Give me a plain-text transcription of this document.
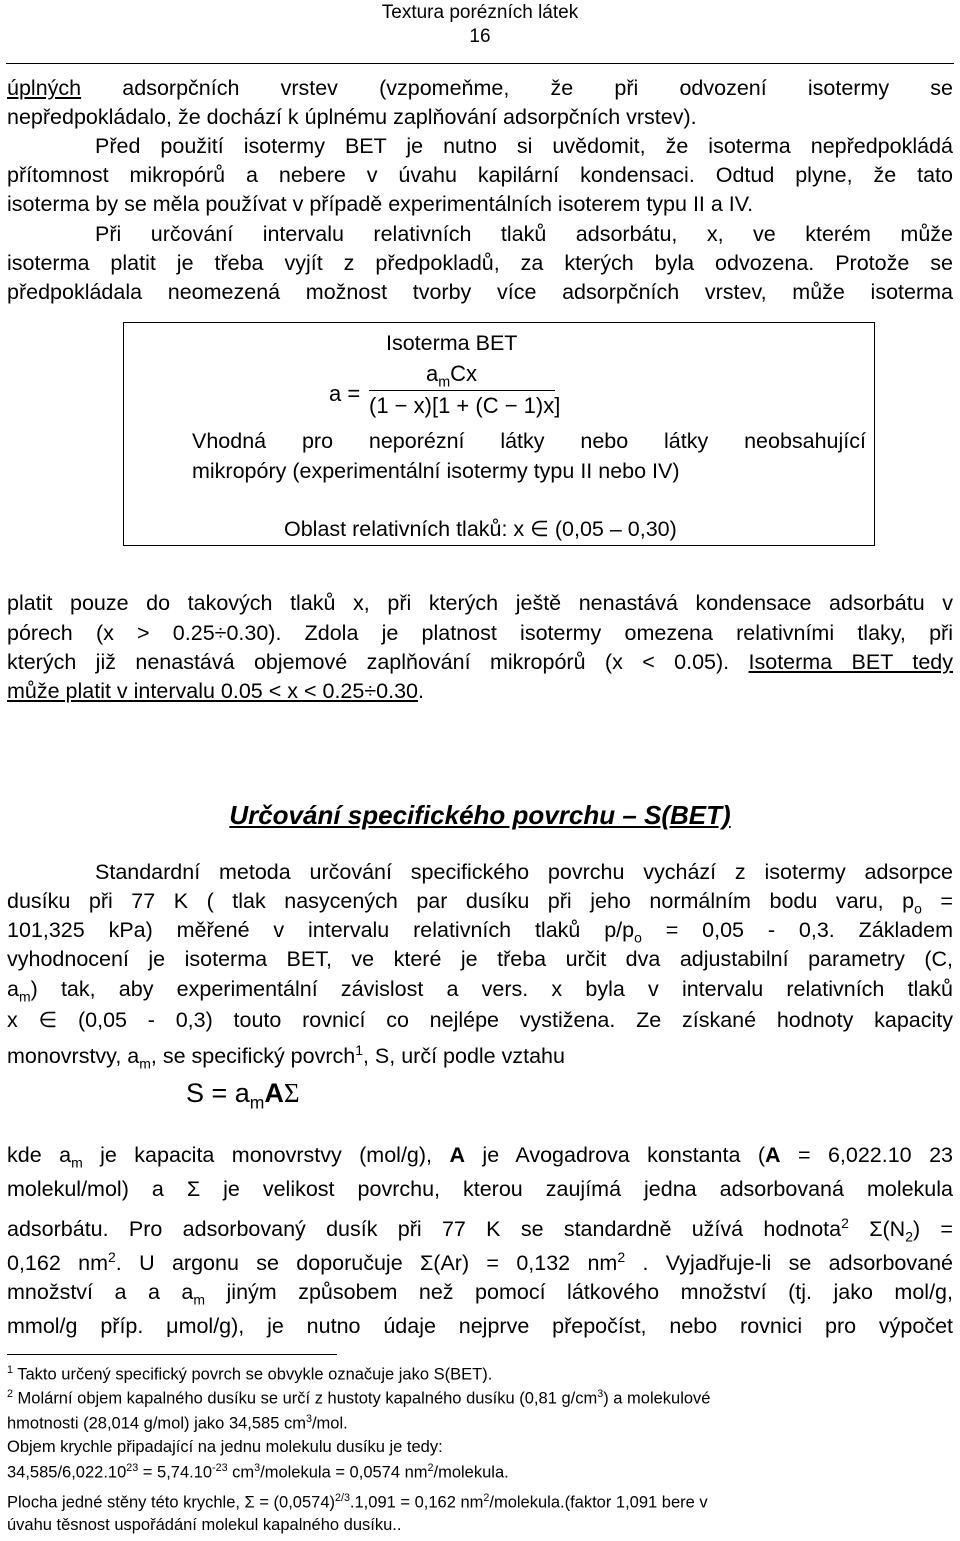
Textura porézních látek
16
úplných adsorpčních vrstev (vzpomeňme, že při odvození isotermy se
nepředpokládalo, že dochází k úplnému zaplňování adsorpčních vrstev).
Před použití isotermy BET je nutno si uvědomit, že isoterma nepředpokládá
přítomnost mikropórů a nebere v úvahu kapilární kondensaci. Odtud plyne, že tato
isoterma by se měla používat v případě experimentálních isoterem typu II a IV.
Při určování intervalu relativních tlaků adsorbátu, x, ve kterém může
isoterma platit je třeba vyjít z předpokladů, za kterých byla odvozena. Protože se
předpokládala neomezená možnost tvorby více adsorpčních vrstev, může isoterma
Isoterma BET
a =
$a_mCx$
(1 − x)[1 + (C − 1)x]
Vhodná pro neporézní látky nebo látky neobsahující
mikropóry (experimentální isotermy typu II nebo IV)
Oblast relativních tlaků: x ∈ (0,05 – 0,30)
platit pouze do takových tlaků x, při kterých ještě nenastává kondensace adsorbátu v
pórech (x > 0.25÷0.30). Zdola je platnost isotermy omezena relativními tlaky, při
kterých již nenastává objemové zaplňování mikropórů (x < 0.05). Isoterma BET tedy
může platit v intervalu 0.05 < x < 0.25÷0.30.
Určování specifického povrchu – S(BET)
Standardní metoda určování specifického povrchu vychází z isotermy adsorpce
dusíku při 77 K ( tlak nasycených par dusíku při jeho normálním bodu varu, $p_o$ =
101,325 kPa) měřené v intervalu relativních tlaků $p/p_o = 0,05 - 0,3$. Základem
vyhodnocení je isoterma BET, ve které je třeba určit dva adjustabilní parametry (C,
$a_m$) tak, aby experimentální závislost a vers. x byla v intervalu relativních tlaků
x ∈ (0,05 - 0,3) touto rovnicí co nejlépe vystižena. Ze získané hodnoty kapacity
monovrstvy, $a_m$, se specifický povrch$^1$, S, určí podle vztahu
$S = a_mA\Sigma$
kde $a_m$ je kapacita monovrstvy (mol/g), A je Avogadrova konstanta (A = 6,022.10 23
molekul/mol) a Σ je velikost povrchu, kterou zaujímá jedna adsorbovaná molekula
adsorbátu. Pro adsorbovaný dusík při 77 K se standardně užívá hodnota$^2$ $\Sigma(N_2)$ =
0,162 $nm^2$. U argonu se doporučuje Σ(Ar) = 0,132 $nm^2$ . Vyjadřuje-li se adsorbované
množství a a $a_m$ jiným způsobem než pomocí látkového množství (tj. jako mol/g,
mmol/g příp. μmol/g), je nutno údaje nejprve přepočíst, nebo rovnici pro výpočet
$^1$ Takto určený specifický povrch se obvykle označuje jako S(BET).
$^2$ Molární objem kapalného dusíku se určí z hustoty kapalného dusíku (0,81 $g/cm^3$) a molekulové
hmotnosti (28,014 g/mol) jako 34,585 $cm^3$/mol.
Objem krychle připadající na jednu molekulu dusíku je tedy:
$34,585/6,022.10^{23} = 5,74.10^{-23}$ $cm^3$/molekula = 0,0574 $nm^2$/molekula.
Plocha jedné stěny této krychle, $\Sigma = (0,0574)^{2/3}.1,091 = 0,162$ $nm^2/molekula.(faktor$ 1,091 bere v
úvahu těsnost uspořádání molekul kapalného dusíku..
